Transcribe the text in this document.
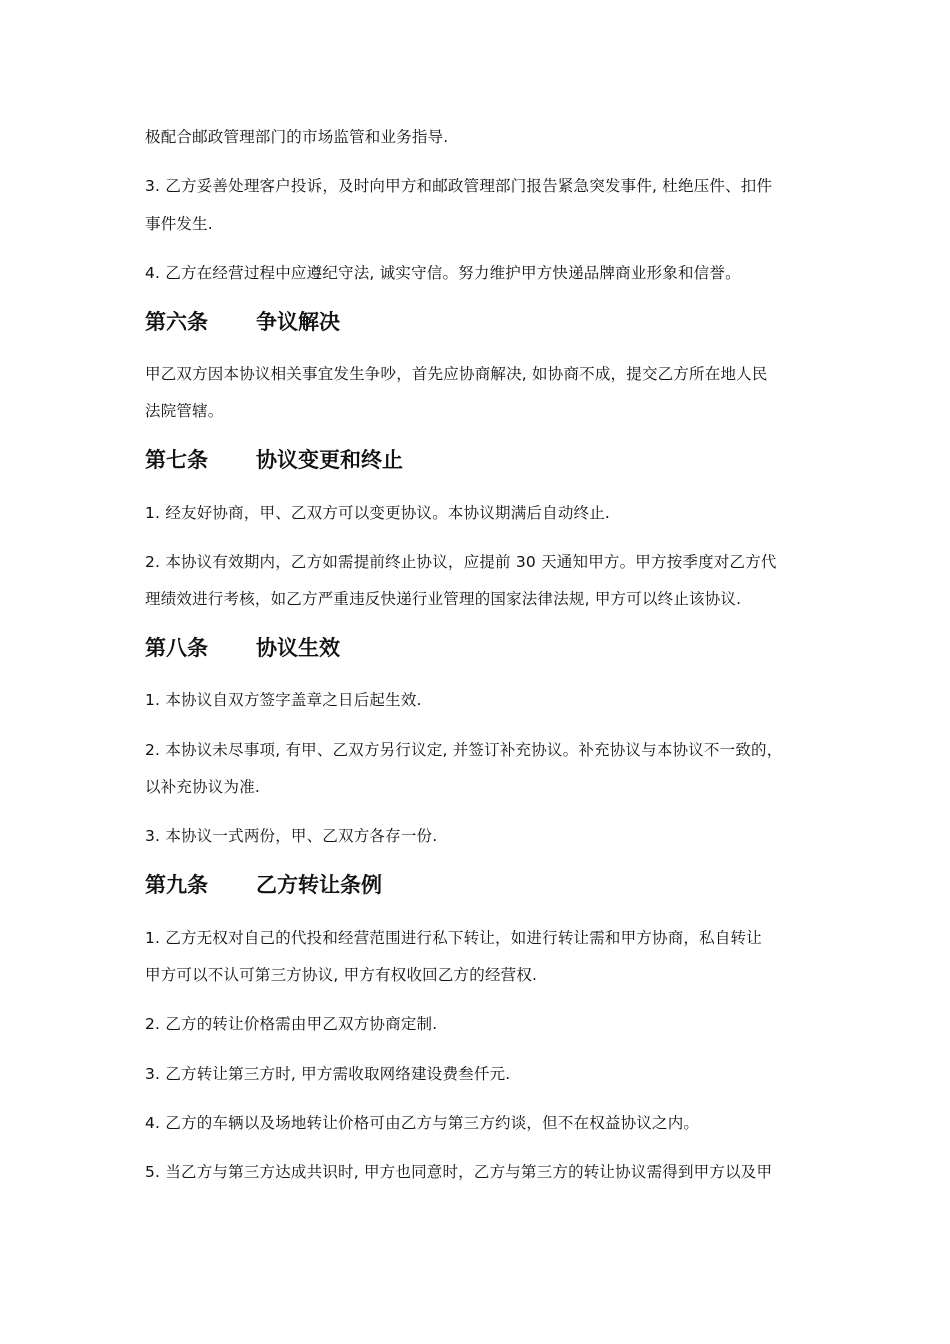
极配合邮政管理部门的市场监管和业务指导.
3. 乙方妥善处理客户投诉，及时向甲方和邮政管理部门报告紧急突发事件, 杜绝压件、扣件
事件发生.
4. 乙方在经营过程中应遵纪守法, 诚实守信。努力维护甲方快递品牌商业形象和信誉。
第六条 争议解决
甲乙双方因本协议相关事宜发生争吵，首先应协商解决, 如协商不成，提交乙方所在地人民
法院管辖。
第七条 协议变更和终止
1. 经友好协商，甲、乙双方可以变更协议。本协议期满后自动终止.
2. 本协议有效期内，乙方如需提前终止协议，应提前 30 天通知甲方。甲方按季度对乙方代
理绩效进行考核，如乙方严重违反快递行业管理的国家法律法规, 甲方可以终止该协议.
第八条 协议生效
1. 本协议自双方签字盖章之日后起生效.
2. 本协议未尽事项, 有甲、乙双方另行议定, 并签订补充协议。补充协议与本协议不一致的，
以补充协议为准.
3. 本协议一式两份，甲、乙双方各存一份.
第九条 乙方转让条例
1. 乙方无权对自己的代投和经营范围进行私下转让，如进行转让需和甲方协商，私自转让
甲方可以不认可第三方协议, 甲方有权收回乙方的经营权.
2. 乙方的转让价格需由甲乙双方协商定制.
3. 乙方转让第三方时, 甲方需收取网络建设费叁仟元.
4. 乙方的车辆以及场地转让价格可由乙方与第三方约谈，但不在权益协议之内。
5. 当乙方与第三方达成共识时, 甲方也同意时，乙方与第三方的转让协议需得到甲方以及甲
